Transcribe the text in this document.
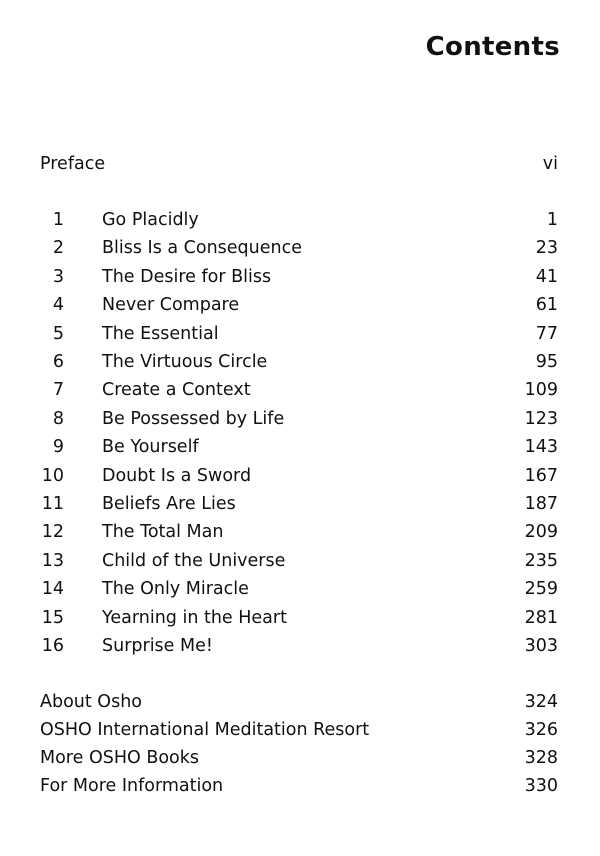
Contents
Preface	vi
1 Go Placidly	1
2 Bliss Is a Consequence	23
3 The Desire for Bliss	41
4 Never Compare	61
5 The Essential	77
6 The Virtuous Circle	95
7 Create a Context	109
8 Be Possessed by Life	123
9 Be Yourself	143
10 Doubt Is a Sword	167
11 Beliefs Are Lies	187
12 The Total Man	209
13 Child of the Universe	235
14 The Only Miracle	259
15 Yearning in the Heart	281
16 Surprise Me!	303
About Osho	324
OSHO International Meditation Resort	326
More OSHO Books	328
For More Information	330
